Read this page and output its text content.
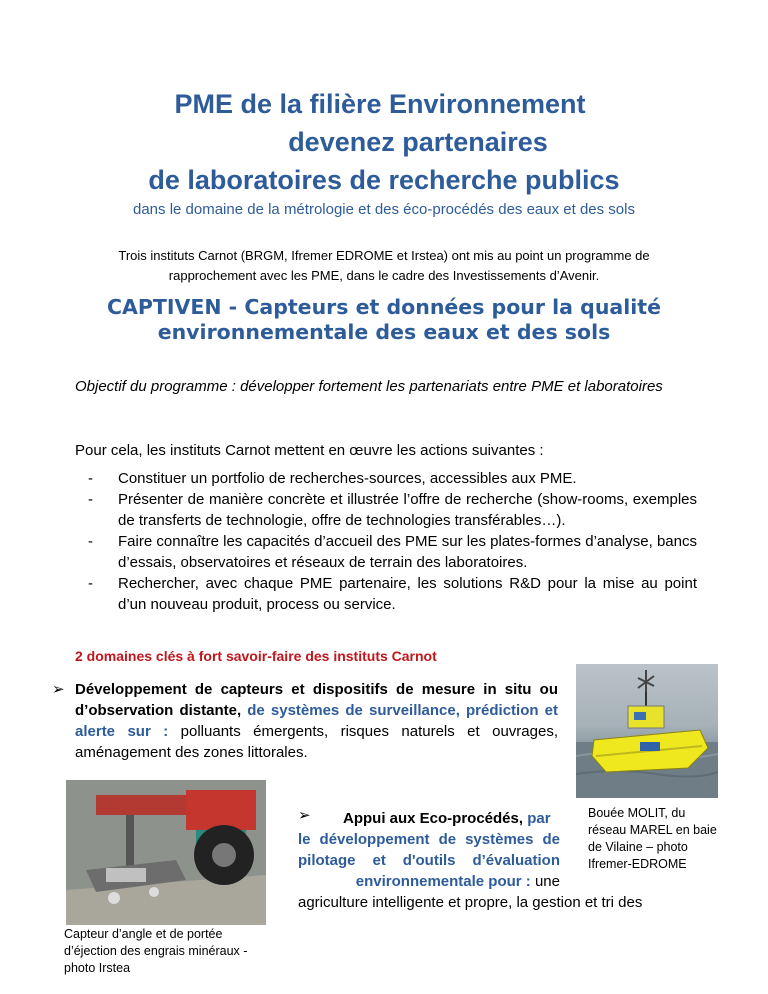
PME de la filière Environnement
devenez partenaires
de laboratoires de recherche publics
dans le domaine de la métrologie et des éco-procédés des eaux et des sols
Trois instituts Carnot (BRGM, Ifremer EDROME et Irstea) ont mis au point un programme de
rapprochement avec les PME, dans le cadre des Investissements d’Avenir.
CAPTIVEN - Capteurs et données pour la qualité
environnementale des eaux et des sols
Objectif du programme : développer fortement les partenariats entre PME et laboratoires
Pour cela, les instituts Carnot mettent en œuvre les actions suivantes :
- Constituer un portfolio de recherches-sources, accessibles aux PME.
- Présenter de manière concrète et illustrée l’offre de recherche (show-rooms, exemples de transferts de technologie, offre de technologies transférables…).
- Faire connaître les capacités d’accueil des PME sur les plates-formes d’analyse, bancs d’essais, observatoires et réseaux de terrain des laboratoires.
- Rechercher, avec chaque PME partenaire, les solutions R&D pour la mise au point d’un nouveau produit, process ou service.
2 domaines clés à fort savoir-faire des instituts Carnot
➢ Développement de capteurs et dispositifs de mesure in situ ou d’observation distante, de systèmes de surveillance, prédiction et alerte sur : polluants émergents, risques naturels et ouvrages, aménagement des zones littorales.
➢ Appui aux Eco-procédés, par
le développement de systèmes de pilotage et d'outils d’évaluation environnementale pour : une
agriculture intelligente et propre, la gestion et tri des
Bouée MOLIT, du réseau MAREL en baie de Vilaine – photo Ifremer-EDROME
Capteur d’angle et de portée d’éjection des engrais minéraux - photo Irstea
